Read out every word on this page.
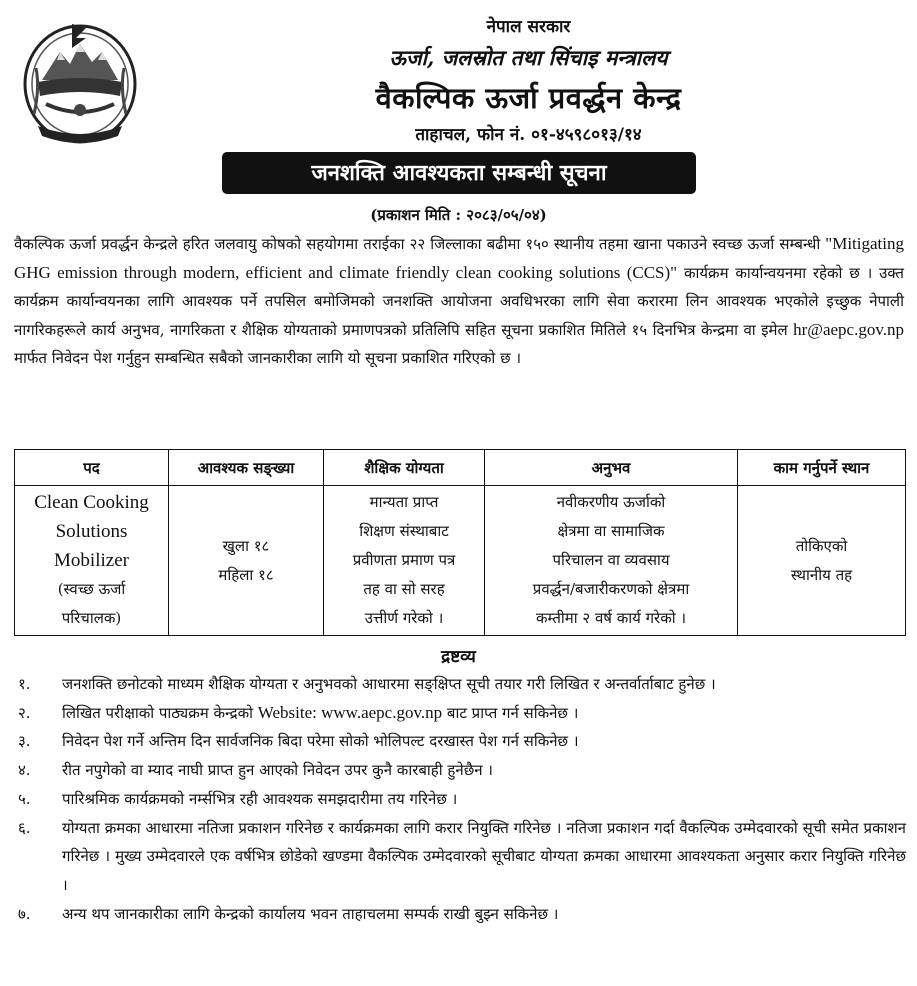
नेपाल सरकार
ऊर्जा, जलस्रोत तथा सिंचाइ मन्त्रालय
वैकल्पिक ऊर्जा प्रवर्द्धन केन्द्र
ताहाचल, फोन नं. ०१-४५९८०१३/१४
जनशक्ति आवश्यकता सम्बन्धी सूचना
(प्रकाशन मिति : २०८३/०५/०४)

वैकल्पिक ऊर्जा प्रवर्द्धन केन्द्रले हरित जलवायु कोषको सहयोगमा तराईका २२ जिल्लाका बढीमा १५० स्थानीय तहमा खाना पकाउने स्वच्छ ऊर्जा सम्बन्धी "Mitigating GHG emission through modern, efficient and climate friendly clean cooking solutions (CCS)" कार्यक्रम कार्यान्वयनमा रहेको छ । उक्त कार्यक्रम कार्यान्वयनका लागि आवश्यक पर्ने तपसिल बमोजिमको जनशक्ति आयोजना अवधिभरका लागि सेवा करारमा लिन आवश्यक भएकोले इच्छुक नेपाली नागरिकहरूले कार्य अनुभव, नागरिकता र शैक्षिक योग्यताको प्रमाणपत्रको प्रतिलिपि सहित सूचना प्रकाशित मितिले १५ दिनभित्र केन्द्रमा वा इमेल hr@aepc.gov.np मार्फत निवेदन पेश गर्नुहुन सम्बन्धित सबैको जानकारीका लागि यो सूचना प्रकाशित गरिएको छ ।

पद	आवश्यक सङ्ख्या	शैक्षिक योग्यता	अनुभव	काम गर्नुपर्ने स्थान

Clean Cooking
Solutions
Mobilizer
(स्वच्छ ऊर्जा
परिचालक)	खुला १८
महिला १८	मान्यता प्राप्त
शिक्षण संस्थाबाट
प्रवीणता प्रमाण पत्र
तह वा सो सरह
उत्तीर्ण गरेको ।	नवीकरणीय ऊर्जाको
क्षेत्रमा वा सामाजिक
परिचालन वा व्यवसाय
प्रवर्द्धन/बजारीकरणको क्षेत्रमा
कम्तीमा २ वर्ष कार्य गरेको ।	तोकिएको
स्थानीय तह
द्रष्टव्य
१. जनशक्ति छनोटको माध्यम शैक्षिक योग्यता र अनुभवको आधारमा सङ्क्षिप्त सूची तयार गरी लिखित र अन्तर्वार्ताबाट हुनेछ ।
२. लिखित परीक्षाको पाठ्यक्रम केन्द्रको Website: www.aepc.gov.np बाट प्राप्त गर्न सकिनेछ ।
३. निवेदन पेश गर्ने अन्तिम दिन सार्वजनिक बिदा परेमा सोको भोलिपल्ट दरखास्त पेश गर्न सकिनेछ ।
४. रीत नपुगेको वा म्याद नाघी प्राप्त हुन आएको निवेदन उपर कुनै कारबाही हुनेछैन ।
५. पारिश्रमिक कार्यक्रमको नर्म्सभित्र रही आवश्यक समझदारीमा तय गरिनेछ ।
६. योग्यता क्रमका आधारमा नतिजा प्रकाशन गरिनेछ र कार्यक्रमका लागि करार नियुक्ति गरिनेछ । नतिजा प्रकाशन गर्दा वैकल्पिक उम्मेदवारको सूची समेत प्रकाशन गरिनेछ । मुख्य उम्मेदवारले एक वर्षभित्र छोडेको खण्डमा वैकल्पिक उम्मेदवारको सूचीबाट योग्यता क्रमका आधारमा आवश्यकता अनुसार करार नियुक्ति गरिनेछ ।
७. अन्य थप जानकारीका लागि केन्द्रको कार्यालय भवन ताहाचलमा सम्पर्क राखी बुझ्न सकिनेछ ।
